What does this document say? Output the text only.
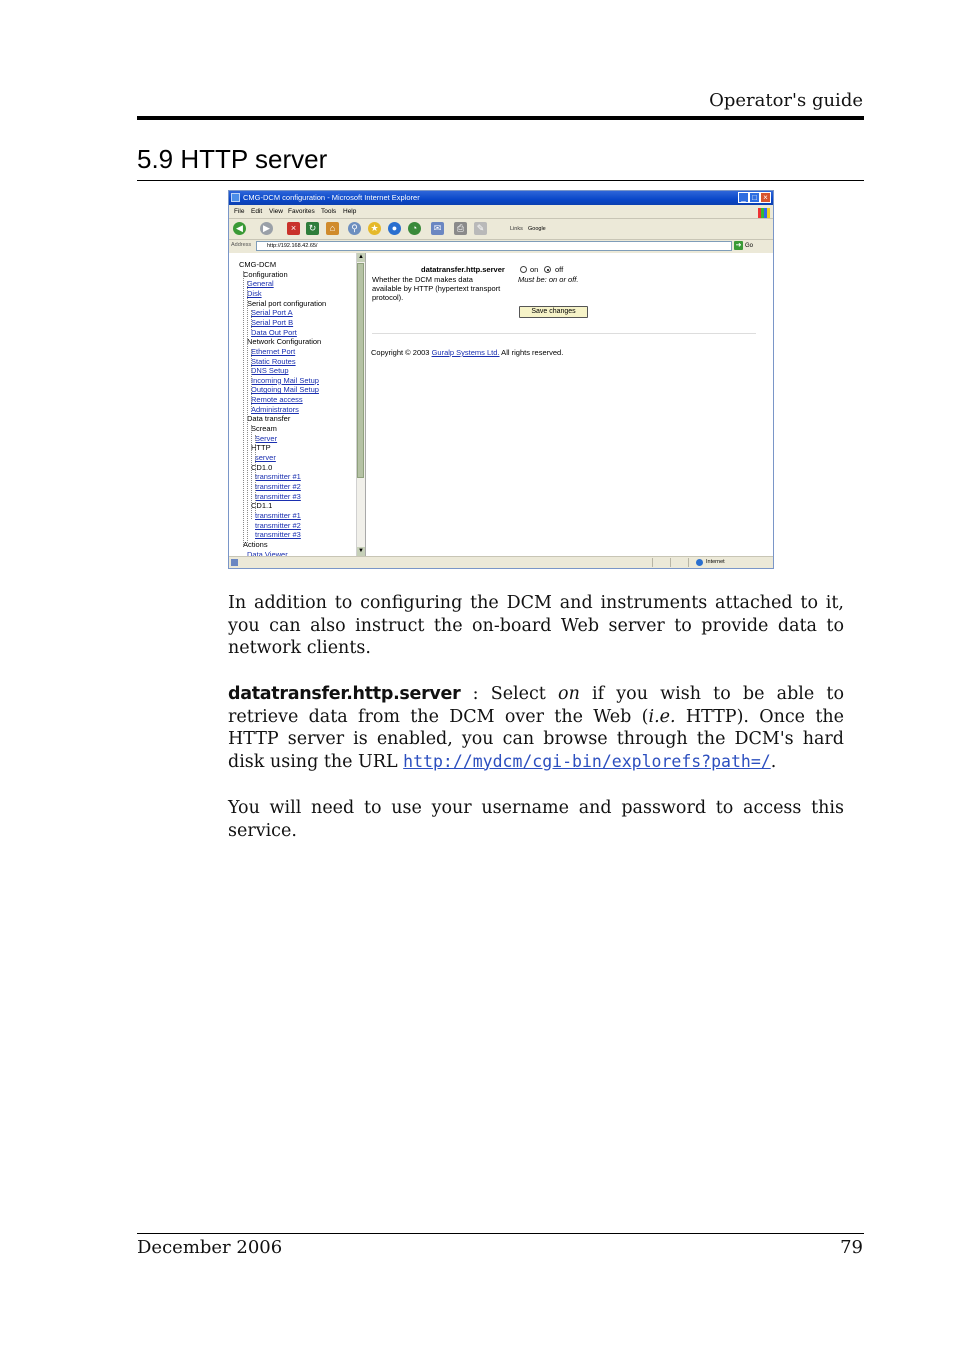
Operator's guide
5.9 HTTP server
CMG-DCM configuration - Microsoft Internet Explorer	_ □ ×
File Edit View Favorites Tools Help
◀	▶	×	↻	⌂	⚲	★	●	◔	✉	⎙	✎	Links Google
Address	http://192.168.42.65/	➜ Go
CMG-DCM
Configuration
General
Disk
Serial port configuration
Serial Port A
Serial Port B
Data Out Port
Network Configuration
Ethernet Port
Static Routes
DNS Setup
Incoming Mail Setup
Outgoing Mail Setup
Remote access
Administrators
Data transfer
Scream
Server
HTTP
server
CD1.0
transmitter #1
transmitter #2
transmitter #3
CD1.1
transmitter #1
transmitter #2
transmitter #3
Actions
Data Viewer
▲
▼
datatransfer.http.server	on off
Whether the DCM makes data
available by HTTP (hypertext transport
protocol).
Must be: on or off.
Save changes
Copyright © 2003 Guralp Systems Ltd. All rights reserved.
Internet
In addition to configuring the DCM and instruments attached to it, you can also instruct the on-board Web server to provide data to network clients.
datatransfer.http.server : Select on if you wish to be able to retrieve data from the DCM over the Web (i.e. HTTP). Once the HTTP server is enabled, you can browse through the DCM's hard disk using the URL http://mydcm/cgi-bin/explorefs?path=/.
You will need to use your username and password to access this service.
December 2006	79
